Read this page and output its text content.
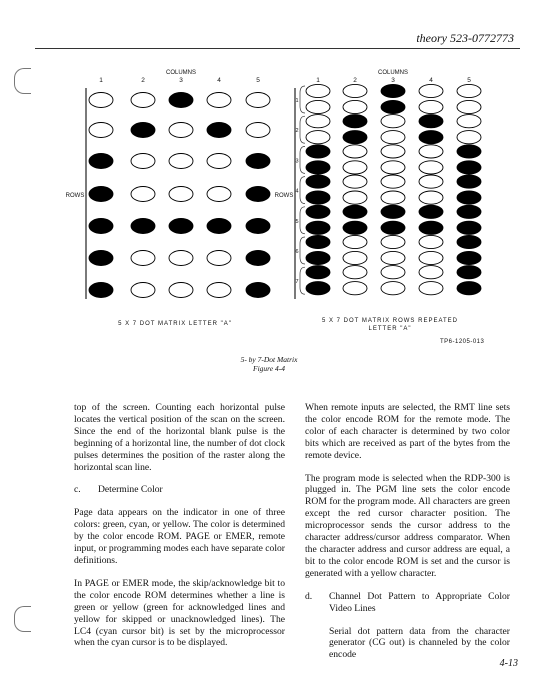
theory 523-0772773
COLUMNS
1	2	3	4	5
ROWS
COLUMNS
1	2	3	4	5
ROWS
1
2
3
4
5
6
7
5 X 7 DOT MATRIX LETTER "A"	5 X 7 DOT MATRIX ROWS REPEATED
LETTER "A"
TP6-1205-013
5- by 7-Dot Matrix
Figure 4-4

top of the screen. Counting each horizontal pulse locates the vertical position of the scan on the screen. Since the end of the horizontal blank pulse is the beginning of a horizontal line, the number of dot clock pulses determines the position of the raster along the horizontal scan line.

c.	Determine Color

Page data appears on the indicator in one of three colors: green, cyan, or yellow. The color is determined by the color encode ROM. PAGE or EMER, remote input, or programming modes each have separate color definitions.

In PAGE or EMER mode, the skip/acknowledge bit to the color encode ROM determines whether a line is green or yellow (green for acknowledged lines and yellow for skipped or unacknowledged lines). The LC4 (cyan cursor bit) is set by the microprocessor when the cyan cursor is to be displayed.

When remote inputs are selected, the RMT line sets the color encode ROM for the remote mode. The color of each character is determined by two color bits which are received as part of the bytes from the remote device.

The program mode is selected when the RDP-300 is plugged in. The PGM line sets the color encode ROM for the program mode. All characters are green except the red cursor character position. The microprocessor sends the cursor address to the character address/cursor address comparator. When the character address and cursor address are equal, a bit to the color encode ROM is set and the cursor is generated with a yellow character.

d.	Channel Dot Pattern to Appropriate Color Video Lines

Serial dot pattern data from the character generator (CG out) is channeled by the color encode

4-13
